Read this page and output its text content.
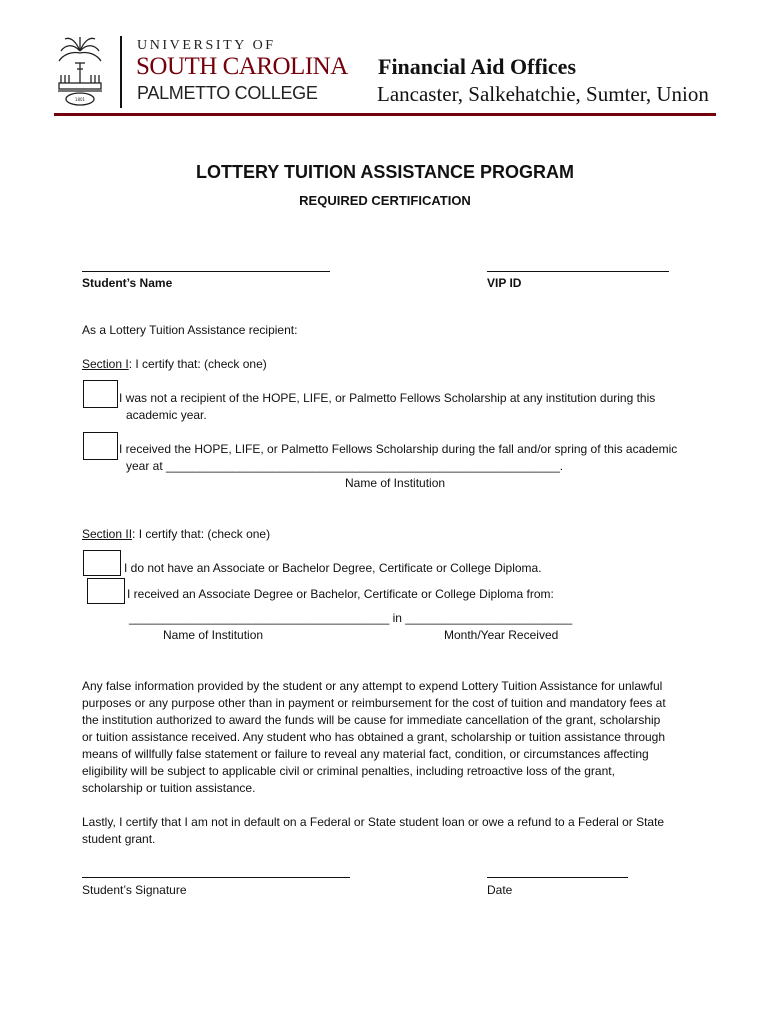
1801
UNIVERSITY OF
SOUTH CAROLINA
PALMETTO COLLEGE
Financial Aid Offices
Lancaster, Salkehatchie, Sumter, Union
LOTTERY TUITION ASSISTANCE PROGRAM
REQUIRED CERTIFICATION
Student’s Name	VIP ID
As a Lottery Tuition Assistance recipient:
Section I: I certify that: (check one)
I was not a recipient of the HOPE, LIFE, or Palmetto Fellows Scholarship at any institution during this
academic year.
I received the HOPE, LIFE, or Palmetto Fellows Scholarship during the fall and/or spring of this academic
year at ___________________________________________________________.
Name of Institution
Section II: I certify that: (check one)
I do not have an Associate or Bachelor Degree, Certificate or College Diploma.
I received an Associate Degree or Bachelor, Certificate or College Diploma from:
_______________________________________ in _________________________
Name of Institution	Month/Year Received
Any false information provided by the student or any attempt to expend Lottery Tuition Assistance for unlawful
purposes or any purpose other than in payment or reimbursement for the cost of tuition and mandatory fees at
the institution authorized to award the funds will be cause for immediate cancellation of the grant, scholarship
or tuition assistance received. Any student who has obtained a grant, scholarship or tuition assistance through
means of willfully false statement or failure to reveal any material fact, condition, or circumstances affecting
eligibility will be subject to applicable civil or criminal penalties, including retroactive loss of the grant,
scholarship or tuition assistance.
Lastly, I certify that I am not in default on a Federal or State student loan or owe a refund to a Federal or State
student grant.
Student’s Signature	Date
